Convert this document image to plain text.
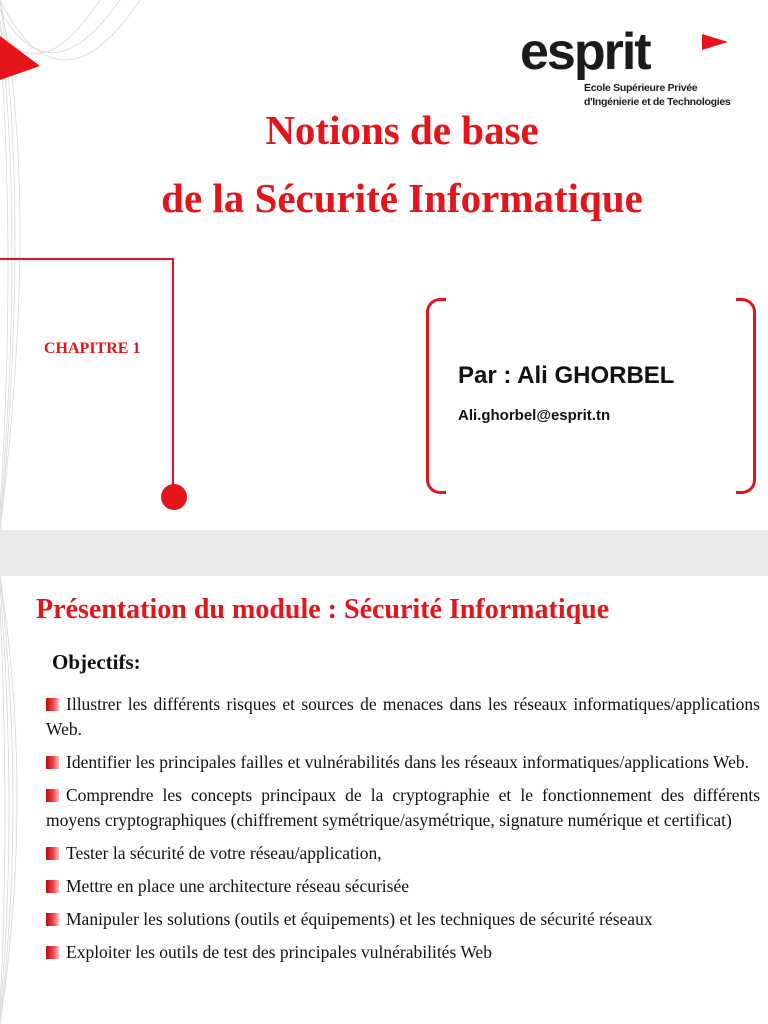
esprit
Ecole Supérieure Privée
d'Ingénierie et de Technologies
Notions de base
de la Sécurité Informatique
CHAPITRE 1
Par : Ali GHORBEL
Ali.ghorbel@esprit.tn
Présentation du module : Sécurité Informatique
Objectifs:
Illustrer les différents risques et sources de menaces dans les réseaux informatiques/applications Web.
Identifier les principales failles et vulnérabilités dans les réseaux informatiques/applications Web.
Comprendre les concepts principaux de la cryptographie et le fonctionnement des différents moyens cryptographiques (chiffrement symétrique/asymétrique, signature numérique et certificat)
Tester la sécurité de votre réseau/application,
Mettre en place une architecture réseau sécurisée
Manipuler les solutions (outils et équipements) et les techniques de sécurité réseaux
Exploiter les outils de test des principales vulnérabilités Web
